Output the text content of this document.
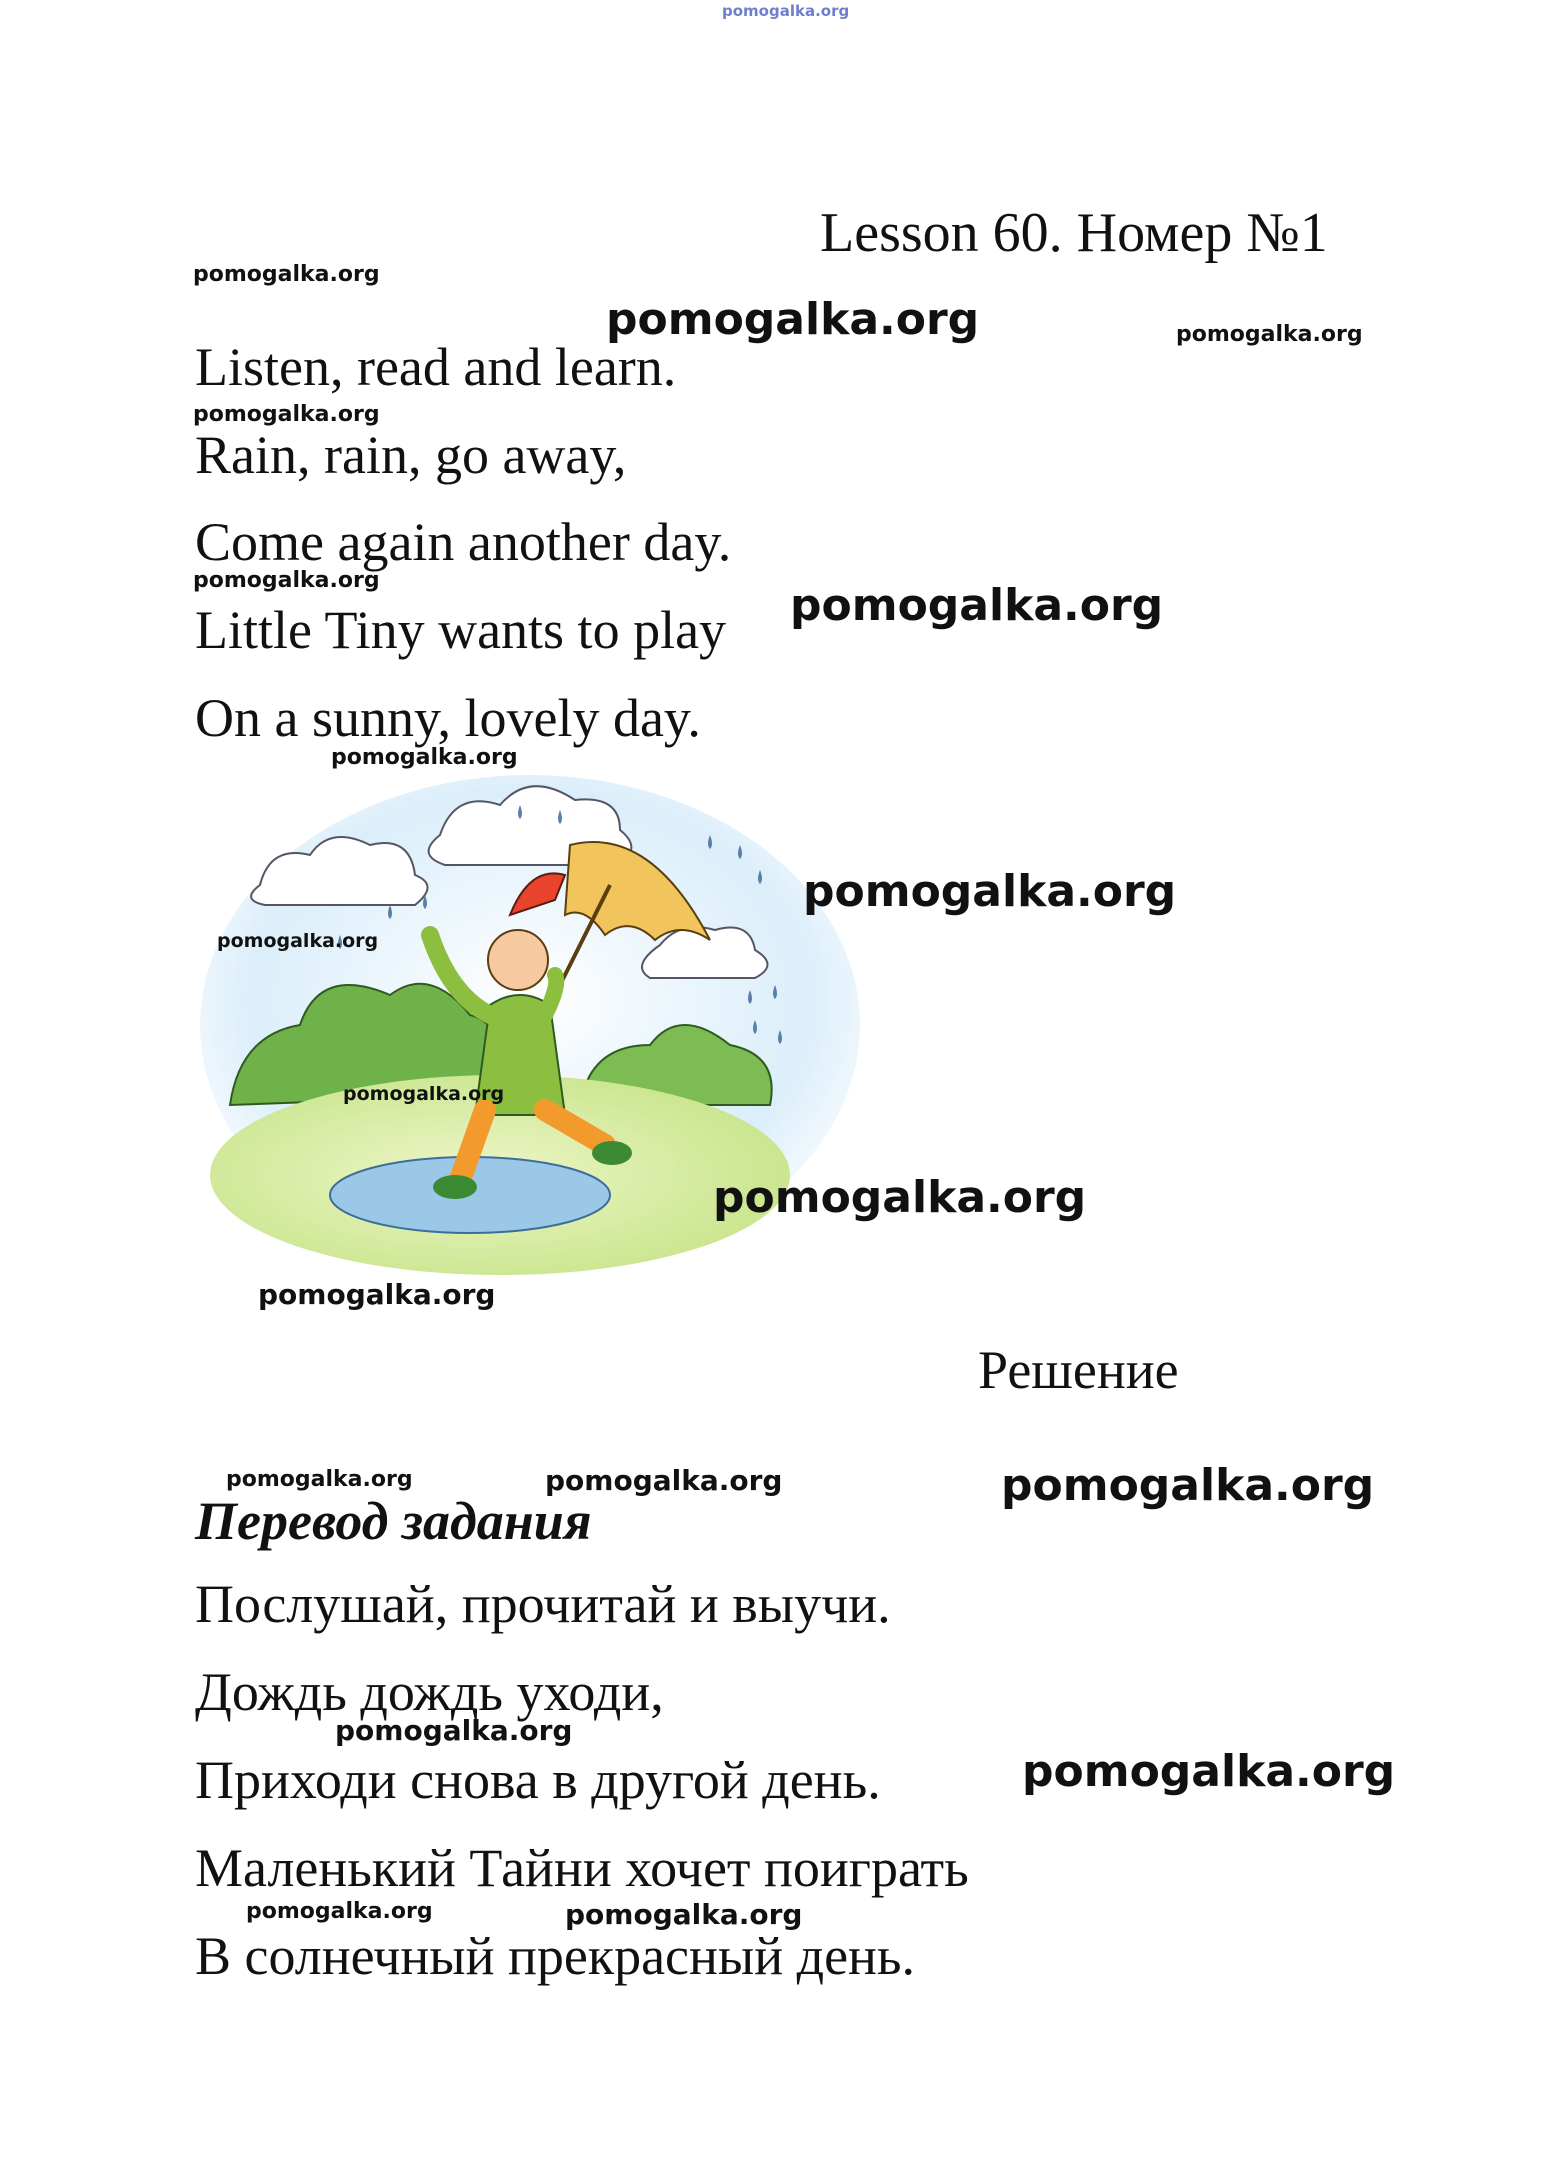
pomogalka.org
Lesson 60. Номер №1
pomogalka.org
pomogalka.org	pomogalka.org
Listen, read and learn.
pomogalka.org
Rain, rain, go away,
Come again another day.
pomogalka.org
Little Tiny wants to play pomogalka.org
On a sunny, lovely day.
pomogalka.org
pomogalka.org
pomogalka.org
pomogalka.org
pomogalka.org
pomogalka.org
Решение
pomogalka.org	pomogalka.org	pomogalka.org
Перевод задания
Послушай, прочитай и выучи.
Дождь дождь уходи,
pomogalka.org
Приходи снова в другой день.	pomogalka.org
Маленький Тайни хочет поиграть
pomogalka.org	pomogalka.org
В солнечный прекрасный день.
